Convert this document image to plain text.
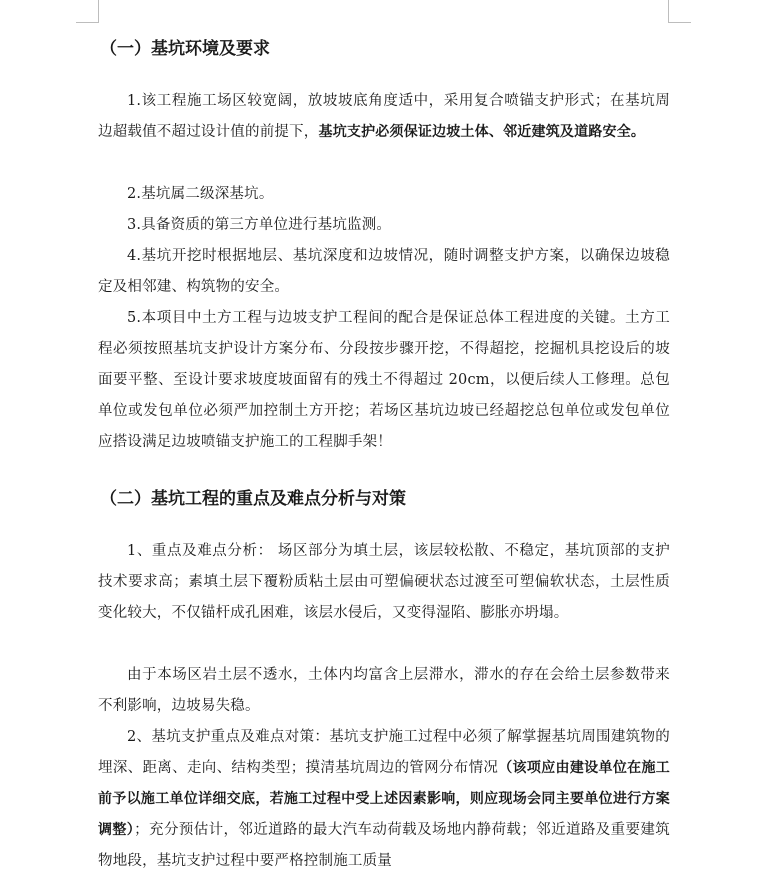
（一）基坑环境及要求

1.该工程施工场区较宽阔，放坡坡底角度适中，采用复合喷锚支护形式；在基坑周边超载值不超过设计值的前提下，基坑支护必须保证边坡土体、邻近建筑及道路安全。

2.基坑属二级深基坑。

3.具备资质的第三方单位进行基坑监测。

4.基坑开挖时根据地层、基坑深度和边坡情况，随时调整支护方案，以确保边坡稳定及相邻建、构筑物的安全。

5.本项目中土方工程与边坡支护工程间的配合是保证总体工程进度的关键。土方工程必须按照基坑支护设计方案分布、分段按步骤开挖，不得超挖，挖掘机具挖设后的坡面要平整、至设计要求坡度坡面留有的残土不得超过 20cm，以便后续人工修理。总包单位或发包单位必须严加控制土方开挖；若场区基坑边坡已经超挖总包单位或发包单位应搭设满足边坡喷锚支护施工的工程脚手架！

（二）基坑工程的重点及难点分析与对策

1、重点及难点分析： 场区部分为填土层，该层较松散、不稳定，基坑顶部的支护技术要求高；素填土层下覆粉质粘土层由可塑偏硬状态过渡至可塑偏软状态，土层性质变化较大，不仅锚杆成孔困难，该层水侵后，又变得湿陷、膨胀亦坍塌。

由于本场区岩土层不透水，土体内均富含上层滞水，滞水的存在会给土层参数带来不利影响，边坡易失稳。

2、基坑支护重点及难点对策：基坑支护施工过程中必须了解掌握基坑周围建筑物的埋深、距离、走向、结构类型；摸清基坑周边的管网分布情况（该项应由建设单位在施工前予以施工单位详细交底，若施工过程中受上述因素影响，则应现场会同主要单位进行方案调整）；充分预估计，邻近道路的最大汽车动荷载及场地内静荷载；邻近道路及重要建筑物地段，基坑支护过程中要严格控制施工质量
